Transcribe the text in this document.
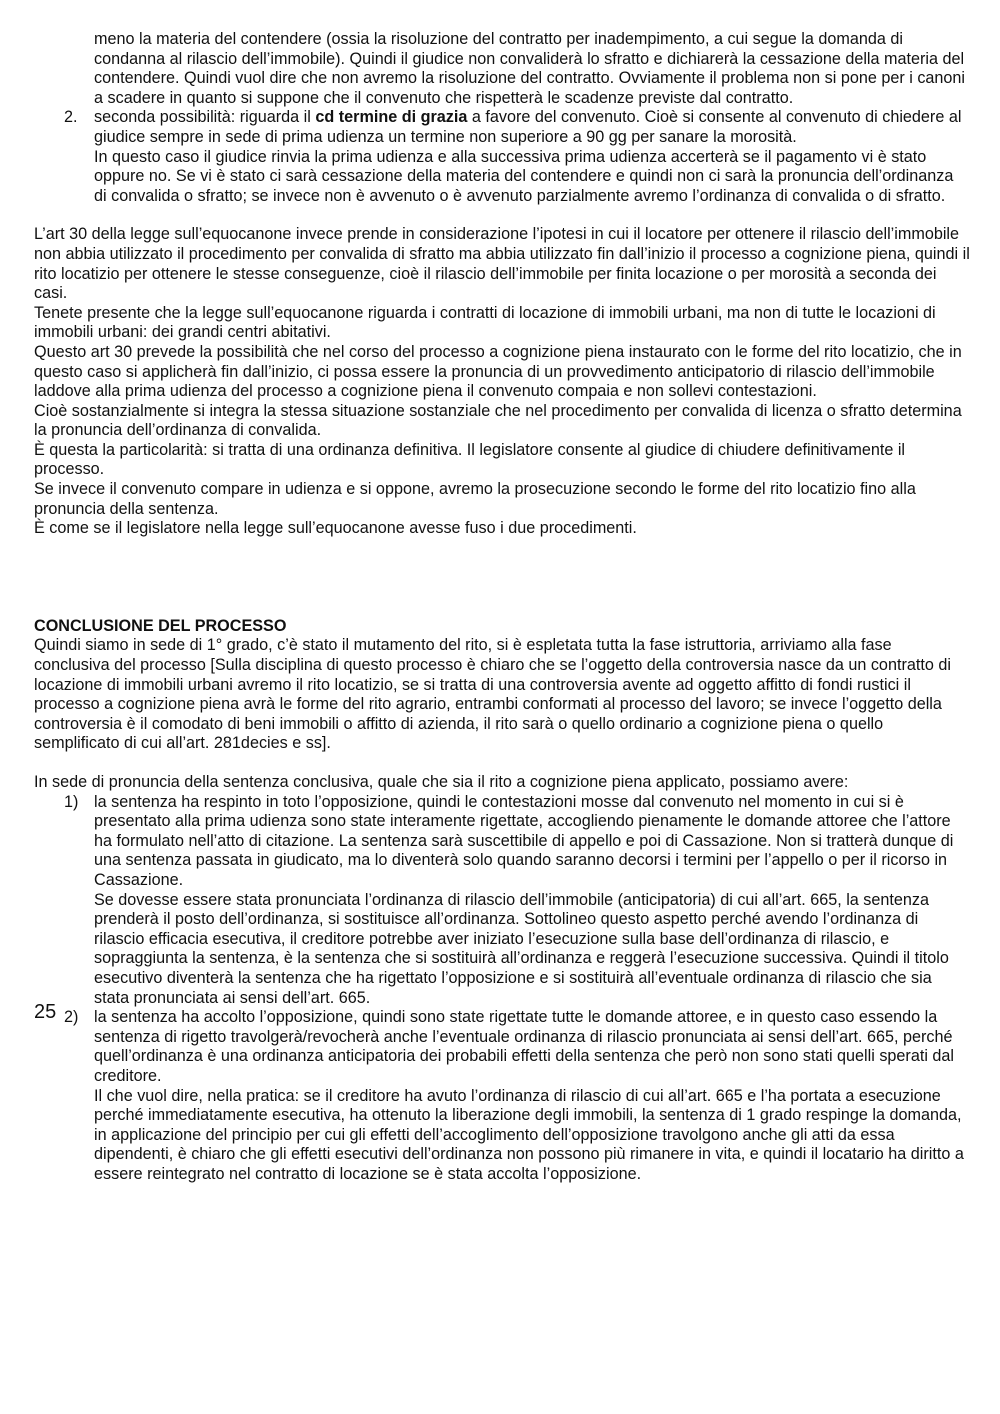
meno la materia del contendere (ossia la risoluzione del contratto per inadempimento, a cui segue la domanda di condanna al rilascio dell’immobile). Quindi il giudice non convaliderà lo sfratto e dichiarerà la cessazione della materia del contendere. Quindi vuol dire che non avremo la risoluzione del contratto. Ovviamente il problema non si pone per i canoni a scadere in quanto si suppone che il convenuto che rispetterà le scadenze previste dal contratto.

2.	seconda possibilità: riguarda il cd termine di grazia a favore del convenuto. Cioè si consente al convenuto di chiedere al giudice sempre in sede di prima udienza un termine non superiore a 90 gg per sanare la morosità.

In questo caso il giudice rinvia la prima udienza e alla successiva prima udienza accerterà se il pagamento vi è stato oppure no. Se vi è stato ci sarà cessazione della materia del contendere e quindi non ci sarà la pronuncia dell’ordinanza di convalida o sfratto; se invece non è avvenuto o è avvenuto parzialmente avremo l’ordinanza di convalida o di sfratto.

L’art 30 della legge sull’equocanone invece prende in considerazione l’ipotesi in cui il locatore per ottenere il rilascio dell’immobile non abbia utilizzato il procedimento per convalida di sfratto ma abbia utilizzato fin dall’inizio il processo a cognizione piena, quindi il rito locatizio per ottenere le stesse conseguenze, cioè il rilascio dell’immobile per finita locazione o per morosità a seconda dei casi.

Tenete presente che la legge sull’equocanone riguarda i contratti di locazione di immobili urbani, ma non di tutte le locazioni di immobili urbani: dei grandi centri abitativi.

Questo art 30 prevede la possibilità che nel corso del processo a cognizione piena instaurato con le forme del rito locatizio, che in questo caso si applicherà fin dall’inizio, ci possa essere la pronuncia di un provvedimento anticipatorio di rilascio dell’immobile laddove alla prima udienza del processo a cognizione piena il convenuto compaia e non sollevi contestazioni.

Cioè sostanzialmente si integra la stessa situazione sostanziale che nel procedimento per convalida di licenza o sfratto determina la pronuncia dell’ordinanza di convalida.

È questa la particolarità: si tratta di una ordinanza definitiva. Il legislatore consente al giudice di chiudere definitivamente il processo.

Se invece il convenuto compare in udienza e si oppone, avremo la prosecuzione secondo le forme del rito locatizio fino alla pronuncia della sentenza.

È come se il legislatore nella legge sull’equocanone avesse fuso i due procedimenti.

CONCLUSIONE DEL PROCESSO

Quindi siamo in sede di 1° grado, c’è stato il mutamento del rito, si è espletata tutta la fase istruttoria, arriviamo alla fase conclusiva del processo [Sulla disciplina di questo processo è chiaro che se l’oggetto della controversia nasce da un contratto di locazione di immobili urbani avremo il rito locatizio, se si tratta di una controversia avente ad oggetto affitto di fondi rustici il processo a cognizione piena avrà le forme del rito agrario, entrambi conformati al processo del lavoro; se invece l’oggetto della controversia è il comodato di beni immobili o affitto di azienda, il rito sarà o quello ordinario a cognizione piena o quello semplificato di cui all’art. 281decies e ss].

In sede di pronuncia della sentenza conclusiva, quale che sia il rito a cognizione piena applicato, possiamo avere:

1) la sentenza ha respinto in toto l’opposizione, quindi le contestazioni mosse dal convenuto nel momento in cui si è presentato alla prima udienza sono state interamente rigettate, accogliendo pienamente le domande attoree che l’attore ha formulato nell’atto di citazione. La sentenza sarà suscettibile di appello e poi di Cassazione. Non si tratterà dunque di una sentenza passata in giudicato, ma lo diventerà solo quando saranno decorsi i termini per l’appello o per il ricorso in Cassazione.

Se dovesse essere stata pronunciata l’ordinanza di rilascio dell’immobile (anticipatoria) di cui all’art. 665, la sentenza prenderà il posto dell’ordinanza, si sostituisce all’ordinanza. Sottolineo questo aspetto perché avendo l’ordinanza di rilascio efficacia esecutiva, il creditore potrebbe aver iniziato l’esecuzione sulla base dell’ordinanza di rilascio, e sopraggiunta la sentenza, è la sentenza che si sostituirà all’ordinanza e reggerà l’esecuzione successiva. Quindi il titolo esecutivo diventerà la sentenza che ha rigettato l’opposizione e si sostituirà all’eventuale ordinanza di rilascio che sia stata pronunciata ai sensi dell’art. 665.

2) la sentenza ha accolto l’opposizione, quindi sono state rigettate tutte le domande attoree, e in questo caso essendo la sentenza di rigetto travolgerà/revocherà anche l’eventuale ordinanza di rilascio pronunciata ai sensi dell’art. 665, perché quell’ordinanza è una ordinanza anticipatoria dei probabili effetti della sentenza che però non sono stati quelli sperati dal creditore.

Il che vuol dire, nella pratica: se il creditore ha avuto l’ordinanza di rilascio di cui all’art. 665 e l’ha portata a esecuzione perché immediatamente esecutiva, ha ottenuto la liberazione degli immobili, la sentenza di 1 grado respinge la domanda, in applicazione del principio per cui gli effetti dell’accoglimento dell’opposizione travolgono anche gli atti da essa dipendenti, è chiaro che gli effetti esecutivi dell’ordinanza non possono più rimanere in vita, e quindi il locatario ha diritto a essere reintegrato nel contratto di locazione se è stata accolta l’opposizione.

25
